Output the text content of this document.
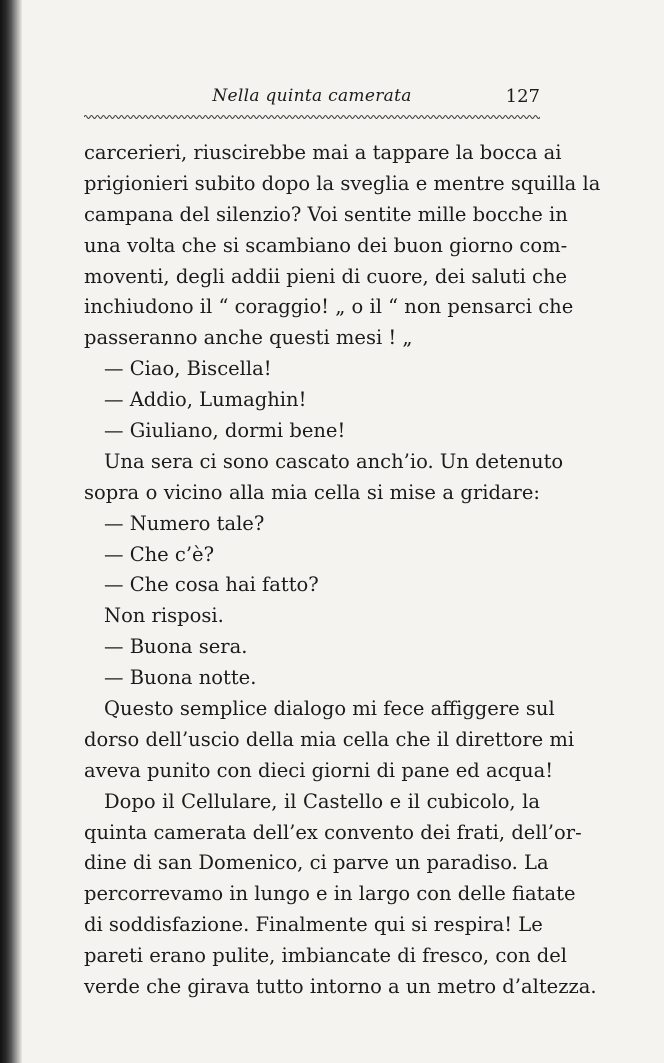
Nella quinta camerata	127
carcerieri, riuscirebbe mai a tappare la bocca ai
prigionieri subito dopo la sveglia e mentre squilla la
campana del silenzio? Voi sentite mille bocche in
una volta che si scambiano dei buon giorno com-
moventi, degli addii pieni di cuore, dei saluti che
inchiudono il “ coraggio! „ o il “ non pensarci che
passeranno anche questi mesi ! „
— Ciao, Biscella!
— Addio, Lumaghin!
— Giuliano, dormi bene!
Una sera ci sono cascato anch’io. Un detenuto
sopra o vicino alla mia cella si mise a gridare:
— Numero tale?
— Che c’è?
— Che cosa hai fatto?
Non risposi.
— Buona sera.
— Buona notte.
Questo semplice dialogo mi fece affiggere sul
dorso dell’uscio della mia cella che il direttore mi
aveva punito con dieci giorni di pane ed acqua!
Dopo il Cellulare, il Castello e il cubicolo, la
quinta camerata dell’ex convento dei frati, dell’or-
dine di san Domenico, ci parve un paradiso. La
percorrevamo in lungo e in largo con delle fiatate
di soddisfazione. Finalmente qui si respira! Le
pareti erano pulite, imbiancate di fresco, con del
verde che girava tutto intorno a un metro d’altezza.
